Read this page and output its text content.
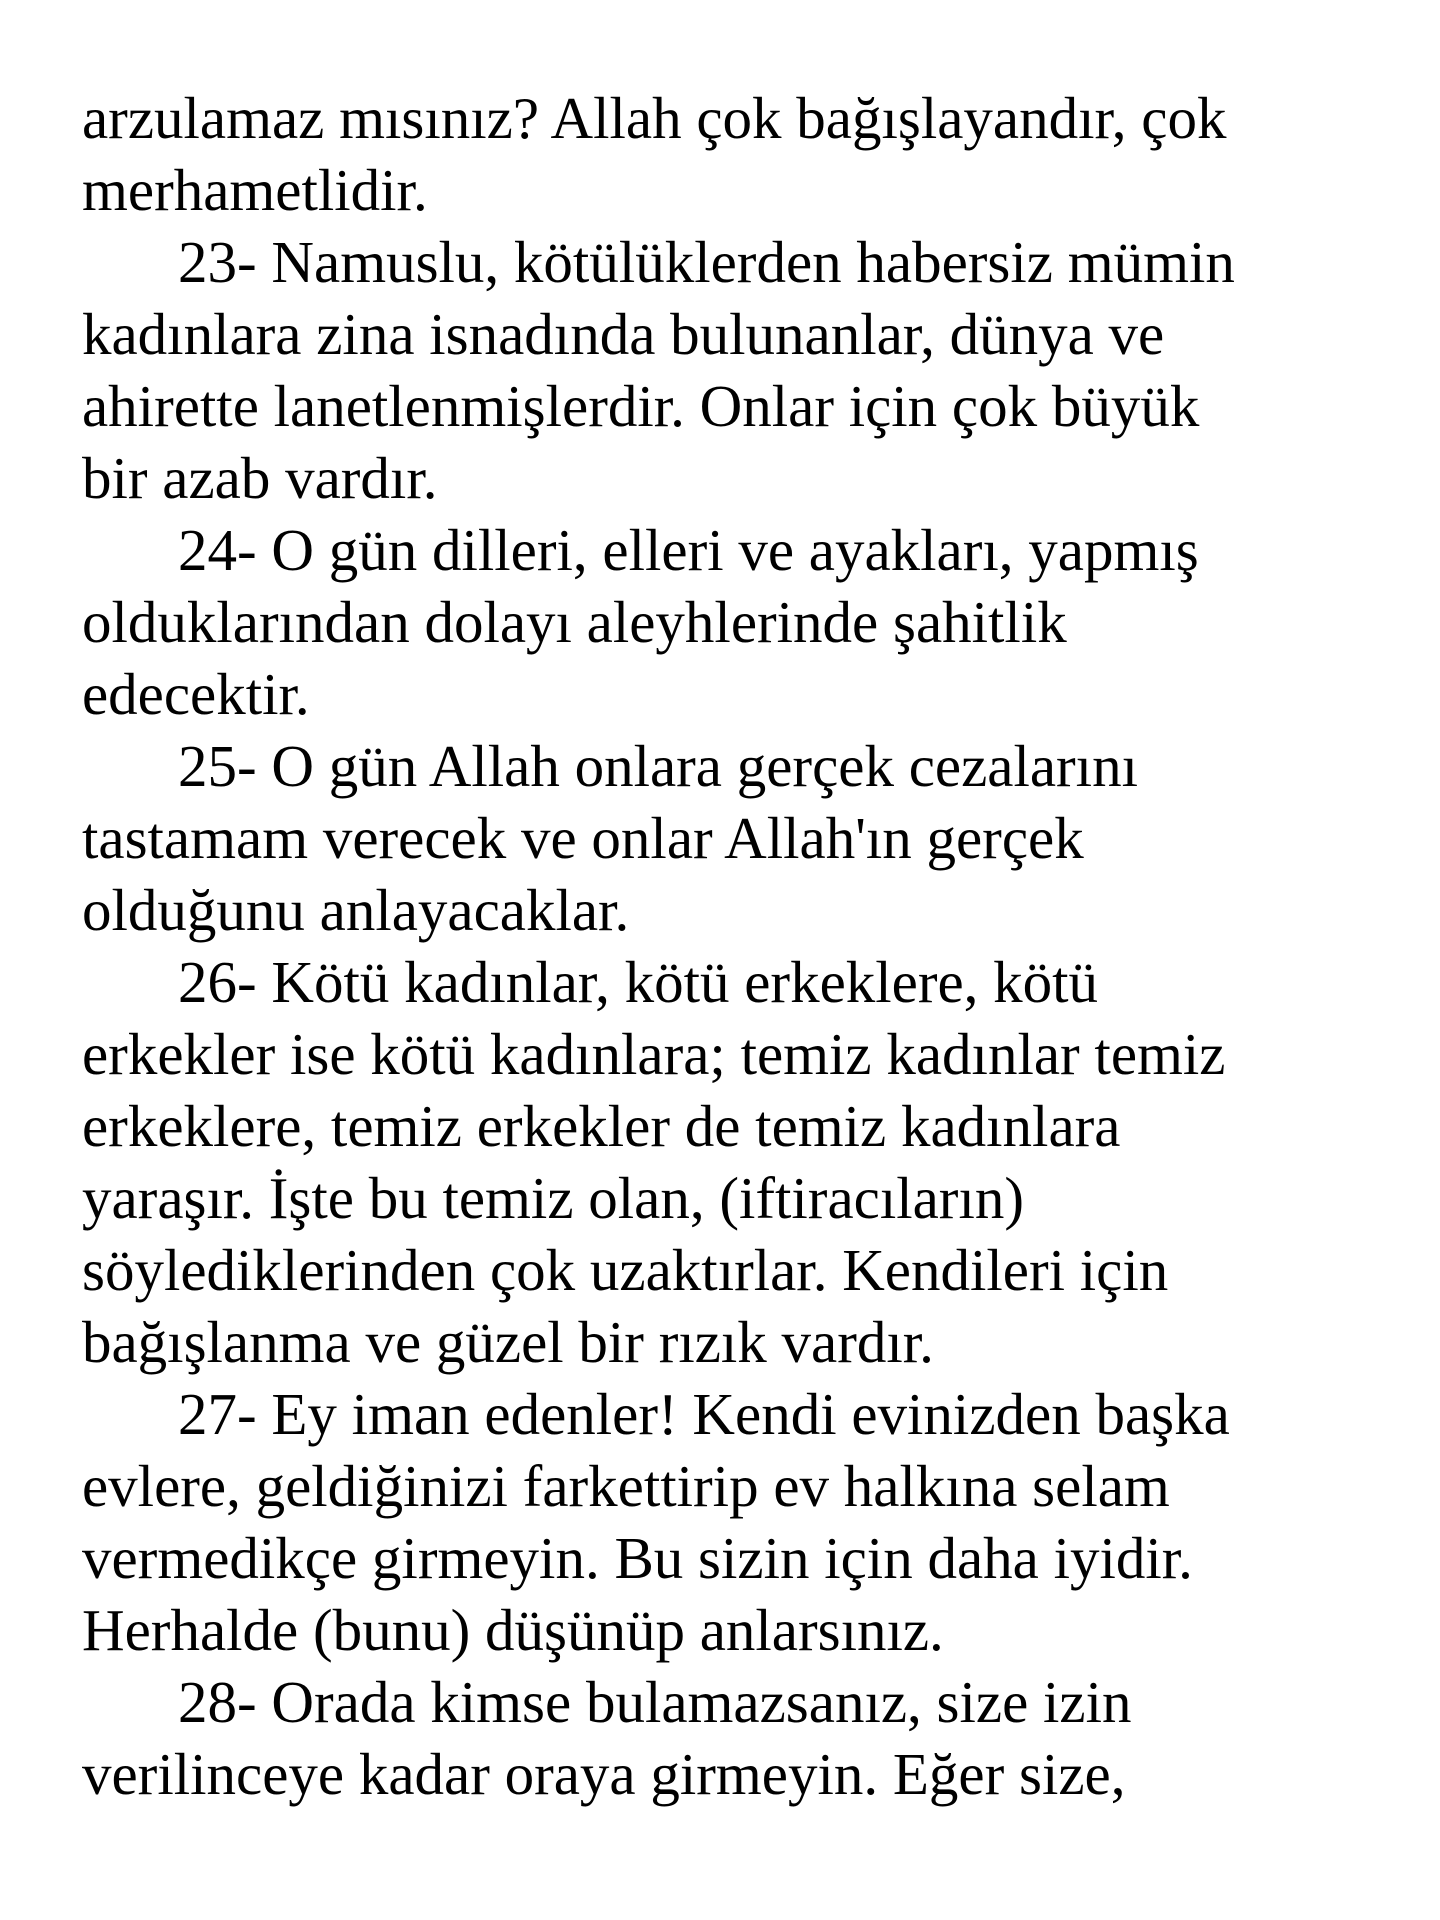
arzulamaz mısınız? Allah çok bağışlayandır, çok
merhametlidir.
23- Namuslu, kötülüklerden habersiz mümin
kadınlara zina isnadında bulunanlar, dünya ve
ahirette lanetlenmişlerdir. Onlar için çok büyük
bir azab vardır.
24- O gün dilleri, elleri ve ayakları, yapmış
olduklarından dolayı aleyhlerinde şahitlik
edecektir.
25- O gün Allah onlara gerçek cezalarını
tastamam verecek ve onlar Allah'ın gerçek
olduğunu anlayacaklar.
26- Kötü kadınlar, kötü erkeklere, kötü
erkekler ise kötü kadınlara; temiz kadınlar temiz
erkeklere, temiz erkekler de temiz kadınlara
yaraşır. İşte bu temiz olan, (iftiracıların)
söylediklerinden çok uzaktırlar. Kendileri için
bağışlanma ve güzel bir rızık vardır.
27- Ey iman edenler! Kendi evinizden başka
evlere, geldiğinizi farkettirip ev halkına selam
vermedikçe girmeyin. Bu sizin için daha iyidir.
Herhalde (bunu) düşünüp anlarsınız.
28- Orada kimse bulamazsanız, size izin
verilinceye kadar oraya girmeyin. Eğer size,
